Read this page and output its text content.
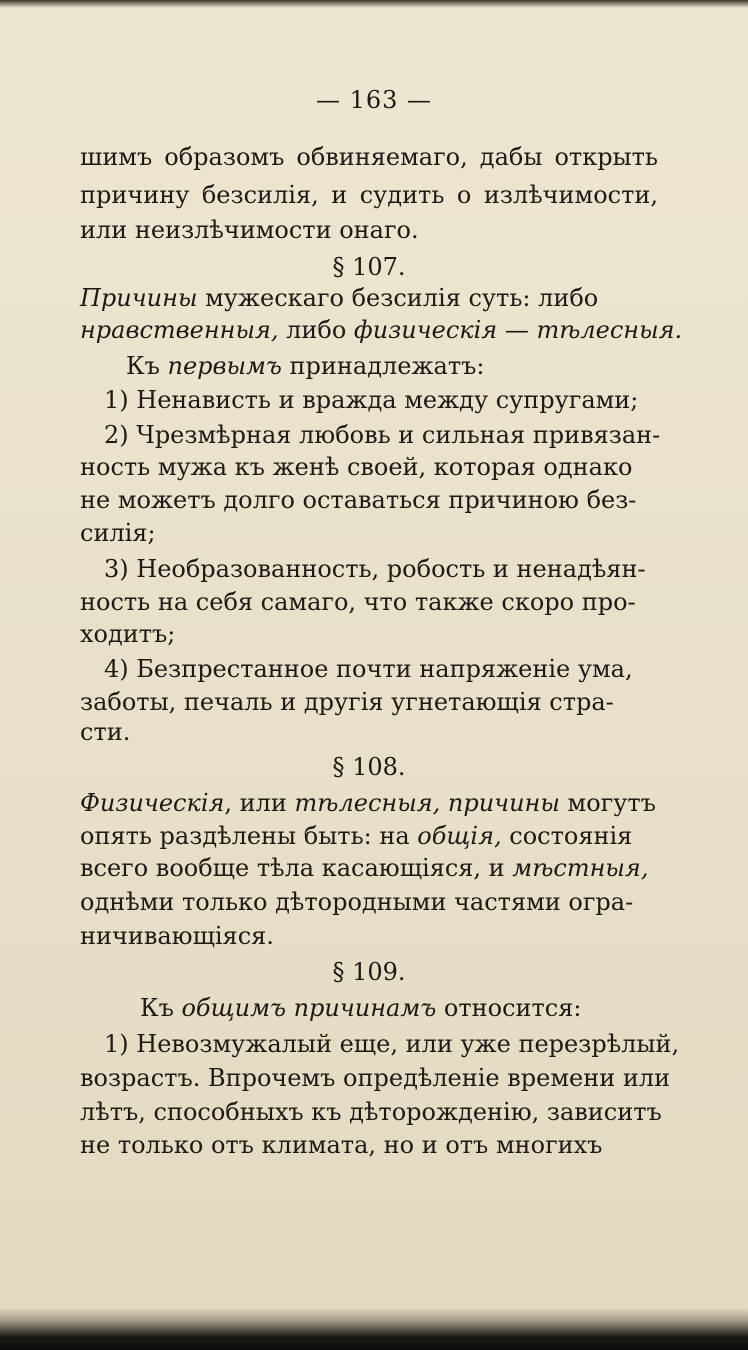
— 163 —
шимъ образомъ обвиняемаго, дабы открыть
причину безсилія, и судить о излѣчимости,
или неизлѣчимости онаго.
§ 107.
Причины мужескаго безсилія суть: либо
нравственныя, либо физическія — тѣлесныя.
Къ первымъ принадлежатъ:
1) Ненависть и вражда между супругами;
2) Чрезмѣрная любовь и сильная привязан-
ность мужа къ женѣ своей, которая однако
не можетъ долго оставаться причиною без-
силія;
3) Необразованность, робость и ненадѣян-
ность на себя самаго, что также скоро про-
ходитъ;
4) Безпрестанное почти напряженіе ума,
заботы, печаль и другія угнетающія стра-
сти.
§ 108.
Физическія, или тѣлесныя, причины могутъ
опять раздѣлены быть: на общія, состоянія
всего вообще тѣла касающіяся, и мѣстныя,
однѣми только дѣтородными частями огра-
ничивающіяся.
§ 109.
Къ общимъ причинамъ относится:
1) Невозмужалый еще, или уже перезрѣлый,
возрастъ. Впрочемъ опредѣленіе времени или
лѣтъ, способныхъ къ дѣторожденію, зависитъ
не только отъ климата, но и отъ многихъ
